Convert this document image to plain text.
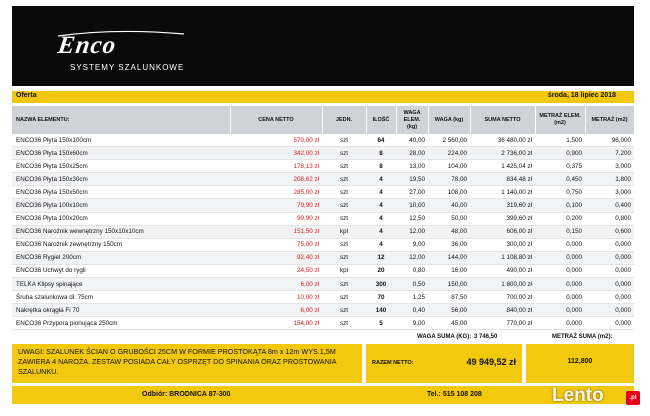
Enco
SYSTEMY SZALUNKOWE
Oferta	środa, 18 lipiec 2018
NAZWA ELEMENTU:	CENA NETTO	JEDN.	ILOŚĆ	WAGA ELEM. (kg)	WAGA (kg)	SUMA NETTO	METRAŻ ELEM. (m2)	METRAŻ (m2)
ENCO36 Płyta 150x100cm	570,00 zł	szt	64	40,00	2 560,00	36 480,00 zł	1,500	96,000
ENCO36 Płyta 150x60cm	342,00 zł	szt	8	28,00	224,00	2 736,00 zł	0,900	7,200
ENCO36 Płyta 150x25cm	178,13 zł	szt	8	13,00	104,00	1 425,04 zł	0,375	3,000
ENCO36 Płyta 150x30cm	208,62 zł	szt	4	19,50	78,00	834,48 zł	0,450	1,800
ENCO36 Płyta 150x50cm	285,00 zł	szt	4	27,00	108,00	1 140,00 zł	0,750	3,000
ENCO36 Płyta 100x10cm	79,90 zł	szt	4	10,00	40,00	319,60 zł	0,100	0,400
ENCO36 Płyta 100x20cm	99,90 zł	szt	4	12,50	50,00	399,60 zł	0,200	0,800
ENCO36 Narożnik wewnętrzny 150x10x10cm	151,50 zł	kpl	4	12,00	48,00	606,00 zł	0,150	0,600
ENCO36 Narożnik zewnętrzny 150cm	75,00 zł	szt	4	9,00	36,00	300,00 zł	0,000	0,000
ENCO36 Rygiel 200cm	92,40 zł	szt	12	12,00	144,00	1 108,80 zł	0,000	0,000
ENCO36 Uchwyt do rygli	24,50 zł	kpl	20	0,80	16,00	490,00 zł	0,000	0,000
TELKA Klipsy spinające	6,00 zł	szt	300	0,50	150,00	1 800,00 zł	0,000	0,000
Śruba szalunkowa dł. 75cm	10,00 zł	szt	70	1,25	87,50	700,00 zł	0,000	0,000
Nakrętka okrągła Fi 70	6,00 zł	szt	140	0,40	56,00	840,00 zł	0,000	0,000
ENCO36 Przypora pionująca 250cm	154,00 zł	szt	5	9,00	45,00	770,00 zł	0,000	0,000
WAGA SUMA (KG): 3 746,50	METRAŻ SUMA (m2):
UWAGI: SZALUNEK ŚCIAN O GRUBOŚCI 25CM W FORMIE PROSTOKĄTA 8m x 12m WYS.1,5M ZAWIERA 4 NAROŻA. ZESTAW POSIADA CAŁY OSPRZĘT DO SPINANIA ORAZ PROSTOWANIA SZALUNKU.
RAZEM NETTO:	49 949,52 zł	112,800
Odbiór: BRODNICA 87-300	Tel.: 515 108 208	Lento	.pl
